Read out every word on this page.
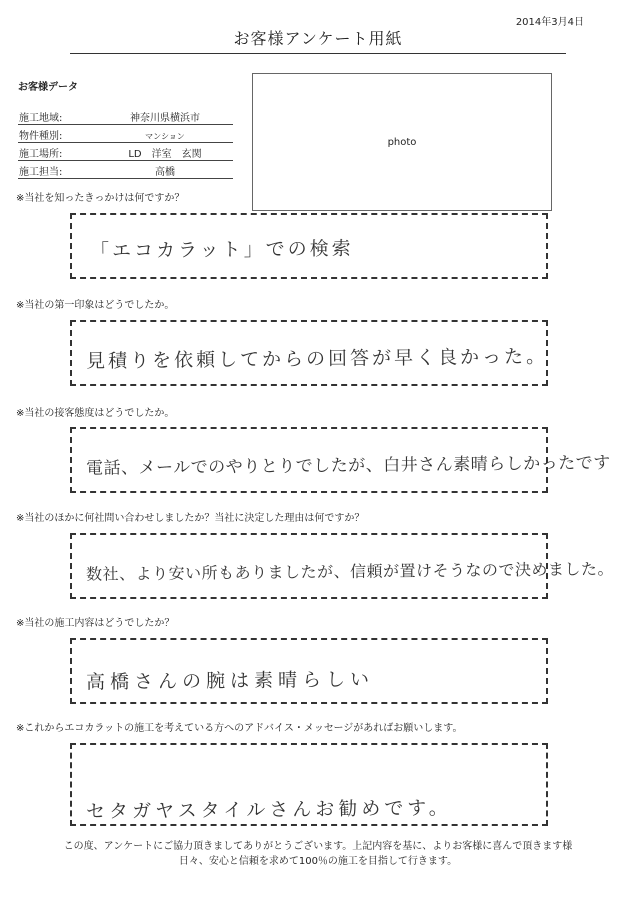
2014年3月4日
お客様アンケート用紙
お客様データ
施工地域:	神奈川県横浜市
物件種別:	マンション
施工場所:	LD　洋室　玄関
施工担当:	高橋
photo
※当社を知ったきっかけは何ですか？
「エコカラット」での検索
※当社の第一印象はどうでしたか。
見積りを依頼してからの回答が早く良かった。
※当社の接客態度はどうでしたか。
電話、メールでのやりとりでしたが、白井さん素晴らしかったです
※当社のほかに何社問い合わせしましたか？当社に決定した理由は何ですか？
数社、より安い所もありましたが、信頼が置けそうなので決めました。
※当社の施工内容はどうでしたか？
高橋さんの腕は素晴らしい
※これからエコカラットの施工を考えている方へのアドバイス・メッセージがあればお願いします。
セタガヤスタイルさんお勧めです。
この度、アンケートにご協力頂きましてありがとうございます。上記内容を基に、よりお客様に喜んで頂きます様
日々、安心と信頼を求めて100％の施工を目指して行きます。
